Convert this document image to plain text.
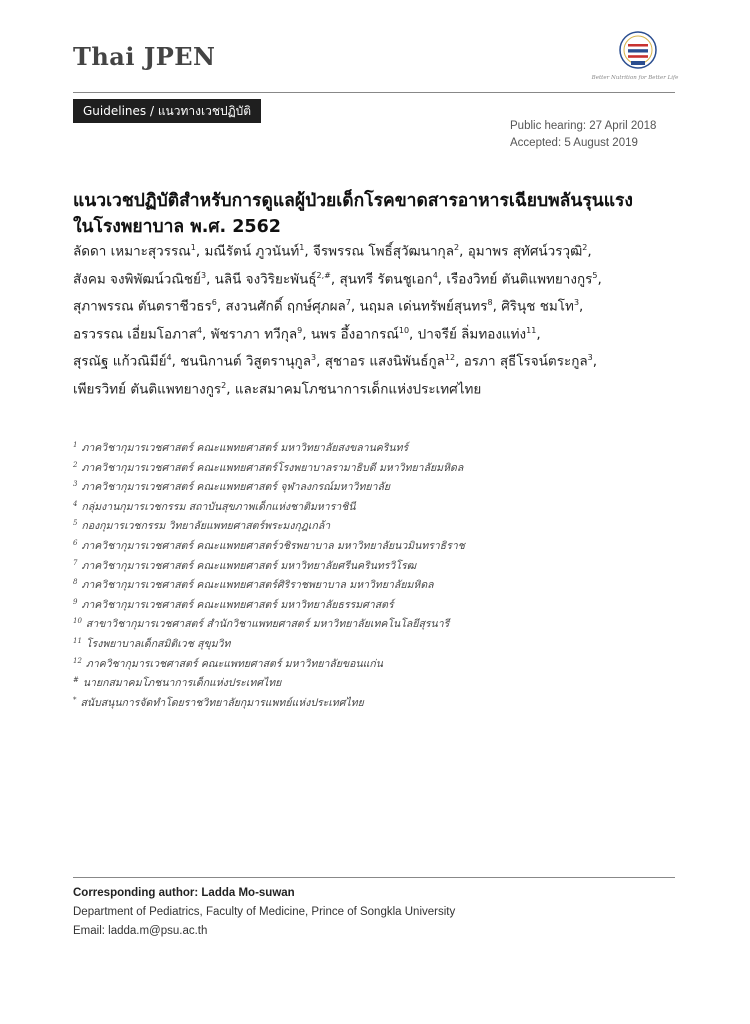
Thai JPEN
Better Nutrition for Better Life
Guidelines / แนวทางเวชปฏิบัติ
Public hearing: 27 April 2018
Accepted: 5 August 2019
แนวเวชปฏิบัติสำหรับการดูแลผู้ป่วยเด็กโรคขาดสารอาหารเฉียบพลันรุนแรง
ในโรงพยาบาล พ.ศ. 2562

ลัดดา เหมาะสุวรรณ$^1$, มณีรัตน์ ภูวนันท์$^1$, จีรพรรณ โพธิ์สุวัฒนากุล$^2$, อุมาพร สุทัศน์วรวุฒิ$^2$,
สังคม จงพิพัฒน์วณิชย์$^3$, นลินี จงวิริยะพันธุ์$^{2,\#}$, สุนทรี รัตนชูเอก$^4$, เรืองวิทย์ ตันติแพทยางกูร$^5$,
สุภาพรรณ ตันตราชีวธร$^6$, สงวนศักดิ์ ฤกษ์ศุภผล$^7$, นฤมล เด่นทรัพย์สุนทร$^8$, ศิรินุช ชมโท$^3$,
อรวรรณ เอี่ยมโอภาส$^4$, พัชราภา ทวีกุล$^9$, นพร อึ้งอากรณ์$^{10}$, ปาจรีย์ ลิ่มทองแท่ง$^{11}$,
สุรณัฐ แก้วณิมีย์$^4$, ชนนิกานต์ วิสูตรานุกูล$^3$, สุชาอร แสงนิพันธ์กูล$^{12}$, อรภา สุธีโรจน์ตระกูล$^3$,
เพียรวิทย์ ตันติแพทยางกูร$^2$, และสมาคมโภชนาการเด็กแห่งประเทศไทย

$^1$ ภาควิชากุมารเวชศาสตร์ คณะแพทยศาสตร์ มหาวิทยาลัยสงขลานครินทร์
$^2$ ภาควิชากุมารเวชศาสตร์ คณะแพทยศาสตร์โรงพยาบาลรามาธิบดี มหาวิทยาลัยมหิดล
$^3$ ภาควิชากุมารเวชศาสตร์ คณะแพทยศาสตร์ จุฬาลงกรณ์มหาวิทยาลัย
$^4$ กลุ่มงานกุมารเวชกรรม สถาบันสุขภาพเด็กแห่งชาติมหาราชินี
$^5$ กองกุมารเวชกรรม วิทยาลัยแพทยศาสตร์พระมงกุฎเกล้า
$^6$ ภาควิชากุมารเวชศาสตร์ คณะแพทยศาสตร์วชิรพยาบาล มหาวิทยาลัยนวมินทราธิราช
$^7$ ภาควิชากุมารเวชศาสตร์ คณะแพทยศาสตร์ มหาวิทยาลัยศรีนครินทรวิโรฒ
$^8$ ภาควิชากุมารเวชศาสตร์ คณะแพทยศาสตร์ศิริราชพยาบาล มหาวิทยาลัยมหิดล
$^9$ ภาควิชากุมารเวชศาสตร์ คณะแพทยศาสตร์ มหาวิทยาลัยธรรมศาสตร์
$^{10}$ สาขาวิชากุมารเวชศาสตร์ สำนักวิชาแพทยศาสตร์ มหาวิทยาลัยเทคโนโลยีสุรนารี
$^{11}$ โรงพยาบาลเด็กสมิติเวช สุขุมวิท
$^{12}$ ภาควิชากุมารเวชศาสตร์ คณะแพทยศาสตร์ มหาวิทยาลัยขอนแก่น
# นายกสมาคมโภชนาการเด็กแห่งประเทศไทย
* สนับสนุนการจัดทำโดยราชวิทยาลัยกุมารแพทย์แห่งประเทศไทย
Corresponding author: Ladda Mo-suwan
Department of Pediatrics, Faculty of Medicine, Prince of Songkla University
Email: ladda.m@psu.ac.th
